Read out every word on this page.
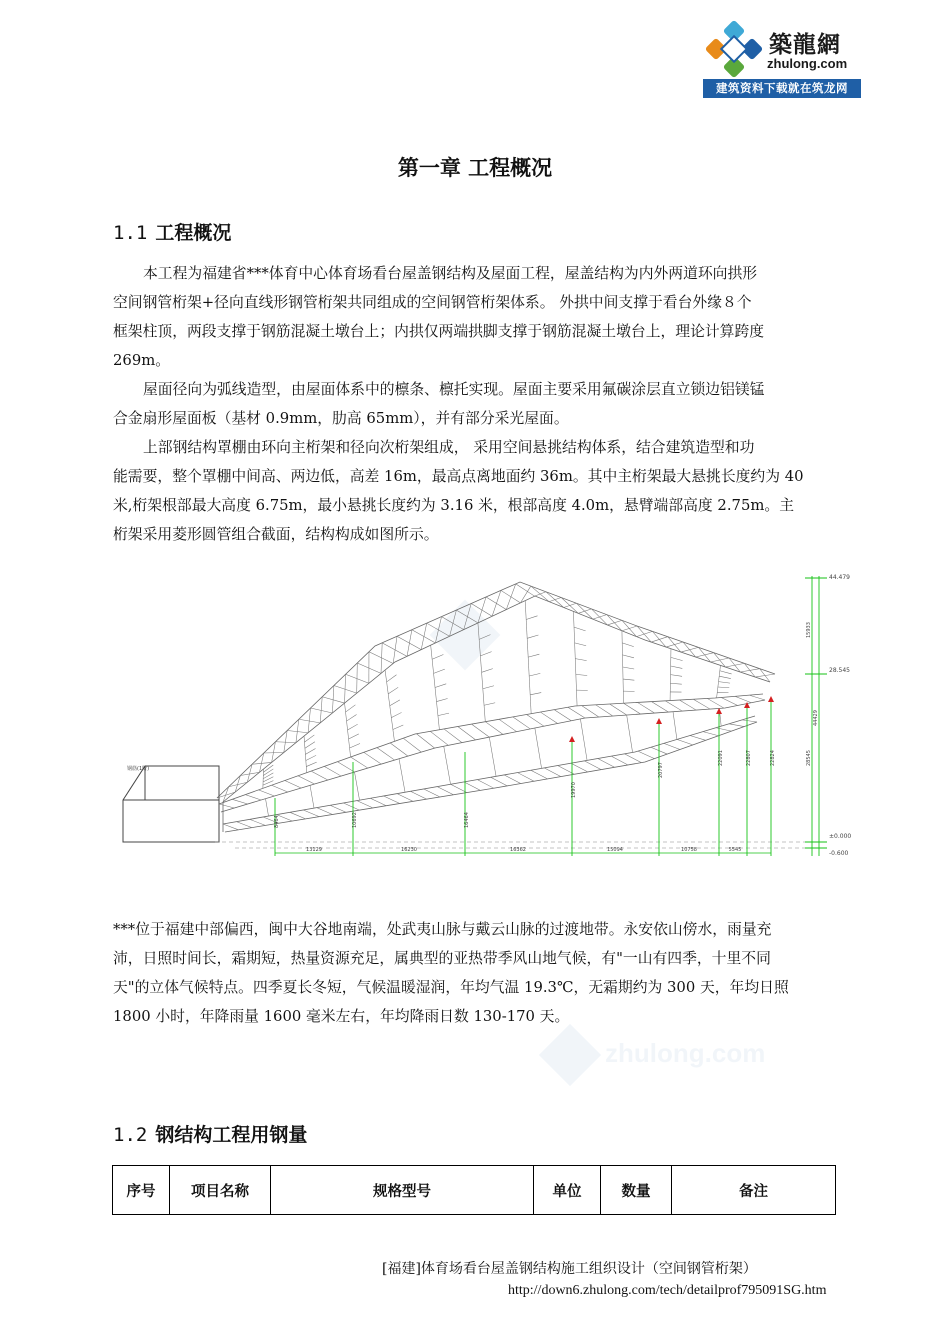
zhulong.com
築龍網
zhulong.com
建筑资料下载就在筑龙网
第一章 工程概况
1.1 工程概况
本工程为福建省***体育中心体育场看台屋盖钢结构及屋面工程，屋盖结构为内外两道环向拱形
空间钢管桁架+径向直线形钢管桁架共同组成的空间钢管桁架体系。 外拱中间支撑于看台外缘８个
框架柱顶，两段支撑于钢筋混凝土墩台上；内拱仅两端拱脚支撑于钢筋混凝土墩台上，理论计算跨度
269m。
屋面径向为弧线造型，由屋面体系中的檩条、檩托实现。屋面主要采用氟碳涂层直立锁边铝镁锰
合金扇形屋面板（基材 0.9mm，肋高 65mm），并有部分采光屋面。
上部钢结构罩棚由环向主桁架和径向次桁架组成， 采用空间悬挑结构体系，结合建筑造型和功
能需要，整个罩棚中间高、两边低，高差 16m，最高点离地面约 36m。其中主桁架最大悬挑长度约为 40
米,桁架根部最大高度 6.75m，最小悬挑长度约为 3.16 米，根部高度 4.0m，悬臂端部高度 2.75m。主
桁架采用菱形圆管组合截面，结构构成如图所示。
钢筋(1阶)
8464	10692	16464
19970
20797
22091	22807	22824
13129	16230	16362	15094	10758	5545
15933
44429
28545
44.479
28.545
±0.000
-0.600
***位于福建中部偏西，闽中大谷地南端，处武夷山脉与戴云山脉的过渡地带。永安依山傍水，雨量充
沛，日照时间长，霜期短，热量资源充足，属典型的亚热带季风山地气候，有"一山有四季，十里不同
天"的立体气候特点。四季夏长冬短，气候温暖湿润，年均气温 19.3℃，无霜期约为 300 天，年均日照
1800 小时，年降雨量 1600 毫米左右，年均降雨日数 130-170 天。
1.2 钢结构工程用钢量
序号	项目名称	规格型号	单位	数量	备注
[福建]体育场看台屋盖钢结构施工组织设计（空间钢管桁架）
http://down6.zhulong.com/tech/detailprof795091SG.htm
